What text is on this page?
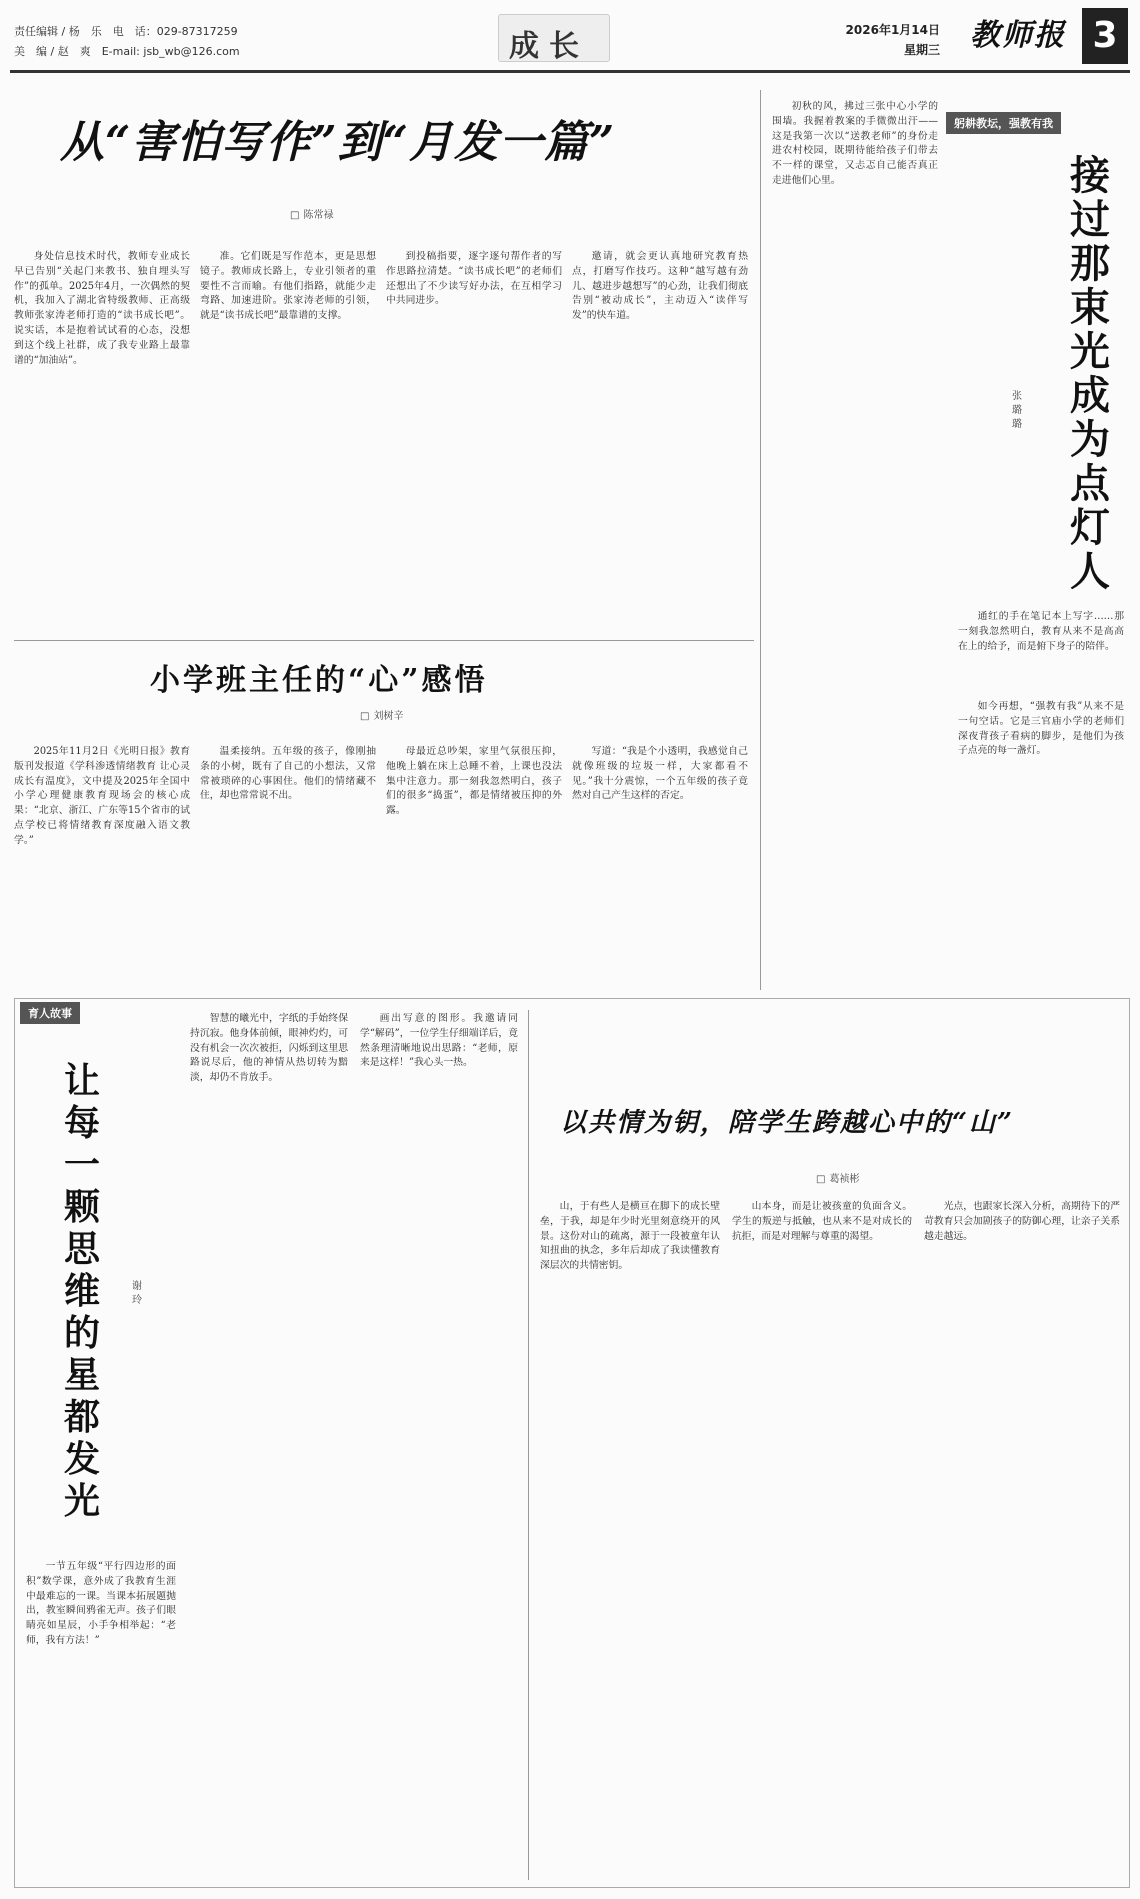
责任编辑 / 杨　乐　电　话：029-87317259
美　编 / 赵　爽　E-mail: jsb_wb@126.com	成长	2026年1月14日
星期三 教师报 3
从“害怕写作”到“月发一篇”
□ 陈常禄

身处信息技术时代，教师专业成长早已告别“关起门来教书、独自埋头写作”的孤单。2025年4月，一次偶然的契机，我加入了湖北省特级教师、正高级教师张家涛老师打造的“读书成长吧”。说实话，本是抱着试试看的心态，没想到这个线上社群，成了我专业路上最靠谱的“加油站”。

准。它们既是写作范本，更是思想镜子。教师成长路上，专业引领者的重要性不言而喻。有他们指路，就能少走弯路、加速进阶。张家涛老师的引领，就是“读书成长吧”最靠谱的支撑。

到投稿指要，逐字逐句帮作者的写作思路拉清楚。“读书成长吧”的老师们还想出了不少读写好办法，在互相学习中共同进步。

邀请，就会更认真地研究教育热点，打磨写作技巧。这种“越写越有劲儿、越进步越想写”的心劲，让我们彻底告别“被动成长”，主动迈入“读伴写发”的快车道。

小学班主任的“心”感悟
□ 刘树辛

2025年11月2日《光明日报》教育版刊发报道《学科渗透情绪教育 让心灵成长有温度》，文中提及2025年全国中小学心理健康教育现场会的核心成果：“北京、浙江、广东等15个省市的试点学校已将情绪教育深度融入语文教学。”

温柔接纳。五年级的孩子，像刚抽条的小树，既有了自己的小想法，又常常被琐碎的心事困住。他们的情绪藏不住，却也常常说不出。

母最近总吵架，家里气氛很压抑，他晚上躺在床上总睡不着，上课也没法集中注意力。那一刻我忽然明白，孩子们的很多“捣蛋”，都是情绪被压抑的外露。

写道：“我是个小透明，我感觉自己就像班级的垃圾一样，大家都看不见。”我十分震惊，一个五年级的孩子竟然对自己产生这样的否定。

躬耕教坛，强教有我
接过那束光 成为点灯人
张璐璐

初秋的风，拂过三张中心小学的围墙。我握着教案的手微微出汗——这是我第一次以“送教老师”的身份走进农村校园，既期待能给孩子们带去不一样的课堂，又忐忑自己能否真正走进他们心里。

通红的手在笔记本上写字……那一刻我忽然明白，教育从来不是高高在上的给予，而是俯下身子的陪伴。

如今再想，“强教有我”从来不是一句空话。它是三官庙小学的老师们深夜背孩子看病的脚步，是他们为孩子点亮的每一盏灯。

育人故事
让每一颗思维的星都发光
谢玲

一节五年级“平行四边形的面积”数学课，意外成了我教育生涯中最难忘的一课。当课本拓展题抛出，教室瞬间鸦雀无声。孩子们眼睛亮如星辰，小手争相举起：“老师，我有方法！”

智慧的曦光中，字纸的手始终保持沉寂。他身体前倾，眼神灼灼，可没有机会一次次被拒，闪烁到这里思路说尽后，他的神情从热切转为黯淡，却仍不肯放手。

画出写意的图形。我邀请同学“解码”，一位学生仔细端详后，竟然条理清晰地说出思路：“老师，原来是这样！”我心头一热。

以共情为钥，陪学生跨越心中的“山”
□ 葛祯彬

山，于有些人是横亘在脚下的成长壁垒，于我，却是年少时光里刻意绕开的风景。这份对山的疏离，源于一段被童年认知扭曲的执念，多年后却成了我读懂教育深层次的共情密钥。

山本身，而是让被孩童的负面含义。学生的叛逆与抵触，也从来不是对成长的抗拒，而是对理解与尊重的渴望。

光点，也跟家长深入分析，高期待下的严苛教育只会加剧孩子的防御心理，让亲子关系越走越远。
